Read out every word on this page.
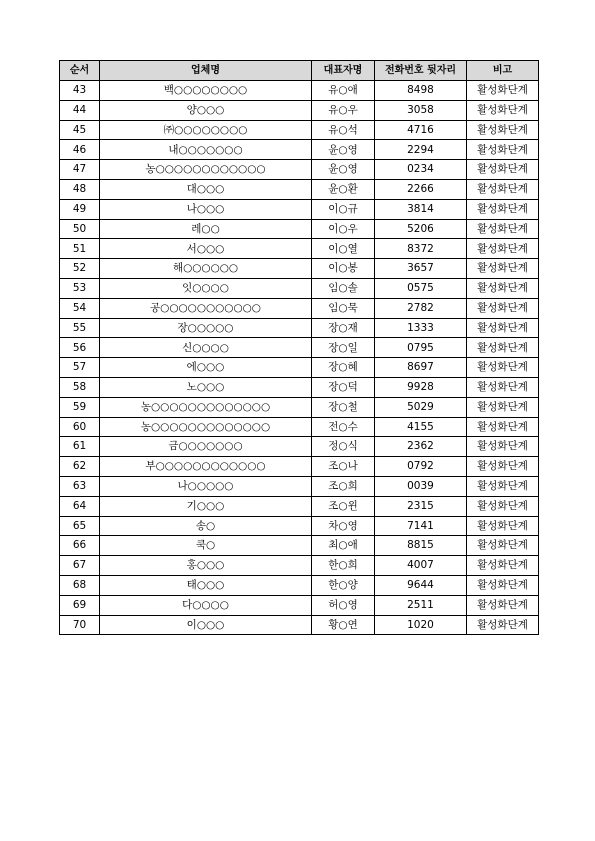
순서	업체명	대표자명	전화번호 뒷자리	비고
43	백○○○○○○○○	유○애	8498	활성화단계
44	양○○○	유○우	3058	활성화단계
45	㈜○○○○○○○○	유○석	4716	활성화단계
46	내○○○○○○○	윤○영	2294	활성화단계
47	농○○○○○○○○○○○○	윤○영	0234	활성화단계
48	대○○○	윤○환	2266	활성화단계
49	나○○○	이○규	3814	활성화단계
50	레○○	이○우	5206	활성화단계
51	서○○○	이○열	8372	활성화단계
52	해○○○○○○	이○봉	3657	활성화단계
53	잇○○○○	임○솔	0575	활성화단계
54	공○○○○○○○○○○○	임○묵	2782	활성화단계
55	장○○○○○	장○재	1333	활성화단계
56	신○○○○	장○일	0795	활성화단계
57	에○○○	장○혜	8697	활성화단계
58	노○○○	장○덕	9928	활성화단계
59	농○○○○○○○○○○○○○	장○철	5029	활성화단계
60	농○○○○○○○○○○○○○	전○수	4155	활성화단계
61	금○○○○○○○	정○식	2362	활성화단계
62	부○○○○○○○○○○○○	조○나	0792	활성화단계
63	나○○○○○	조○희	0039	활성화단계
64	기○○○	조○윈	2315	활성화단계
65	송○	차○영	7141	활성화단계
66	쿡○	최○애	8815	활성화단계
67	홍○○○	한○희	4007	활성화단계
68	태○○○	한○양	9644	활성화단계
69	다○○○○	허○영	2511	활성화단계
70	이○○○	황○연	1020	활성화단계
